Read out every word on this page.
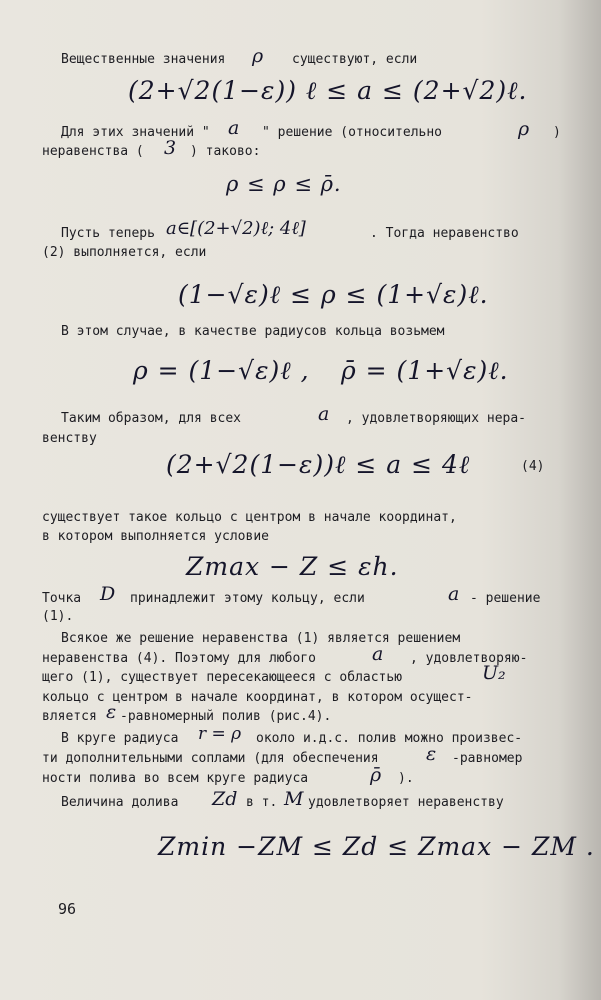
Вещественные значения ρ существуют, если
(2+√2(1−ε)) ℓ ≤ a ≤ (2+√2)ℓ.
Для этих значений " a " решение (относительно	ρ )
неравенства ( 3 ) таково:
ρ ≤ ρ ≤ ρ̄.
Пусть теперь a∈[(2+√2)ℓ; 4ℓ]	. Тогда неравенство
(2) выполняется, если
(1−√ε)ℓ ≤ ρ ≤ (1+√ε)ℓ.
В этом случае, в качестве радиусов кольца возьмем
ρ = (1−√ε)ℓ , ρ̄ = (1+√ε)ℓ.
Таким образом, для всех	a , удовлетворяющих нера-
венству
(2+√2(1−ε))ℓ ≤ a ≤ 4ℓ	(4)
существует такое кольцо с центром в начале координат,
в котором выполняется условие
Zmax − Z ≤ εh.
Точка D принадлежит этому кольцу, если	a - решение
(1).
Всякое же решение неравенства (1) является решением
неравенства (4). Поэтому для любого	a , удовлетворяю-
щего (1), существует пересекающееся с областью	U₂
кольцо с центром в начале координат, в котором осущест-
вляется ε -равномерный полив (рис.4).
В круге радиуса r = ρ около и.д.с. полив можно произвес-
ти дополнительными соплами (для обеспечения ε -равномер
ности полива во всем круге радиуса	ρ̄ ).
Величина долива Zd в т. M удовлетворяет неравенству
Zmin −ZM ≤ Zd ≤ Zmax − ZM .
96
